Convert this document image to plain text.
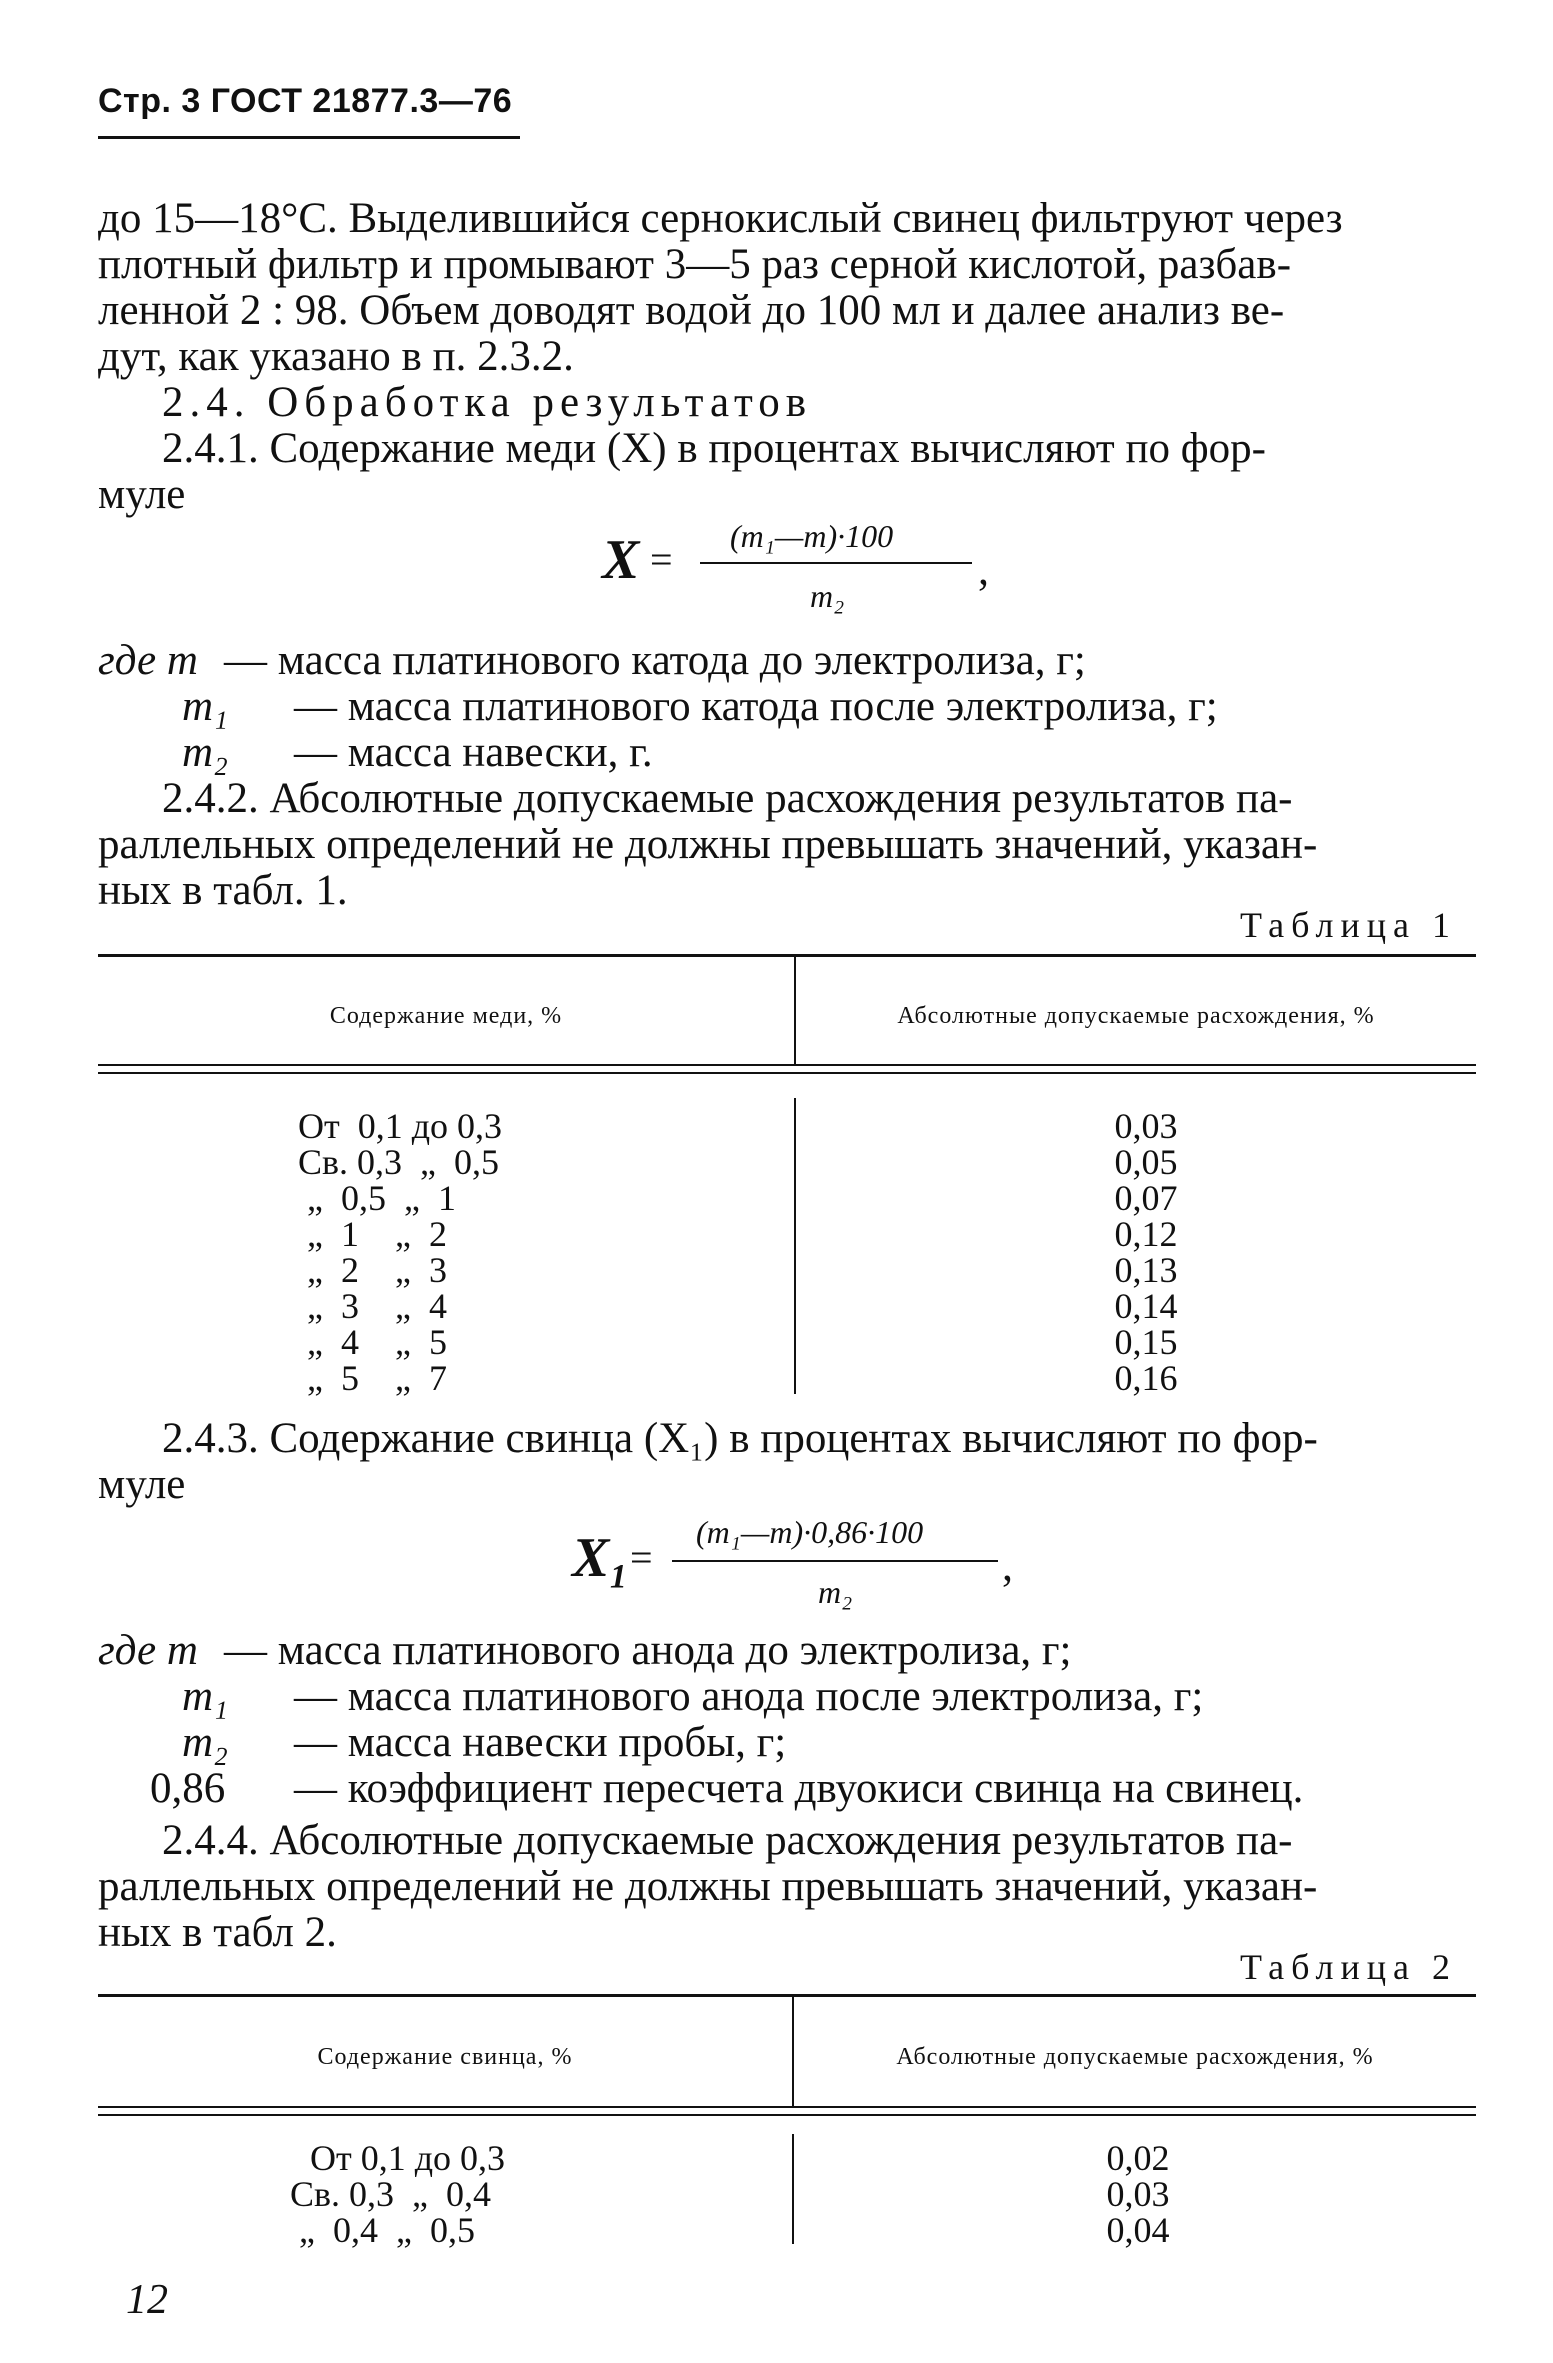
Стр. 3 ГОСТ 21877.3—76
до 15—18°С. Выделившийся сернокислый свинец фильтруют через
плотный фильтр и промывают 3—5 раз серной кислотой, разбав-
ленной 2 : 98. Объем доводят водой до 100 мл и далее анализ ве-
дут, как указано в п. 2.3.2.
2.4. Обработка результатов
2.4.1. Содержание меди (X) в процентах вычисляют по фор-
муле
X =
(m₁—m)·100
m₂
,
где m — масса платинового катода до электролиза, г;
m₁ — масса платинового катода после электролиза, г;
m₂ — масса навески, г.
2.4.2. Абсолютные допускаемые расхождения результатов па-
раллельных определений не должны превышать значений, указан-
ных в табл. 1.
Таблица 1
Содержание меди, %	Абсолютные допускаемые расхождения, %
От  0,1 до 0,3	0,03
Св. 0,3  „  0,5	0,05
„  0,5  „  1	0,07
„  1    „  2	0,12
„  2    „  3	0,13
„  3    „  4	0,14
„  4    „  5	0,15
„  5    „  7	0,16
2.4.3. Содержание свинца (X₁) в процентах вычисляют по фор-
муле
X₁ =
(m₁—m)·0,86·100
m₂
,
где m — масса платинового анода до электролиза, г;
m₁ — масса платинового анода после электролиза, г;
m₂ — масса навески пробы, г;
0,86 — коэффициент пересчета двуокиси свинца на свинец.
2.4.4. Абсолютные допускаемые расхождения результатов па-
раллельных определений не должны превышать значений, указан-
ных в табл 2.
Таблица 2
Содержание свинца, %	Абсолютные допускаемые расхождения, %
От 0,1 до 0,3	0,02
Св. 0,3  „  0,4	0,03
„  0,4  „  0,5	0,04
12
